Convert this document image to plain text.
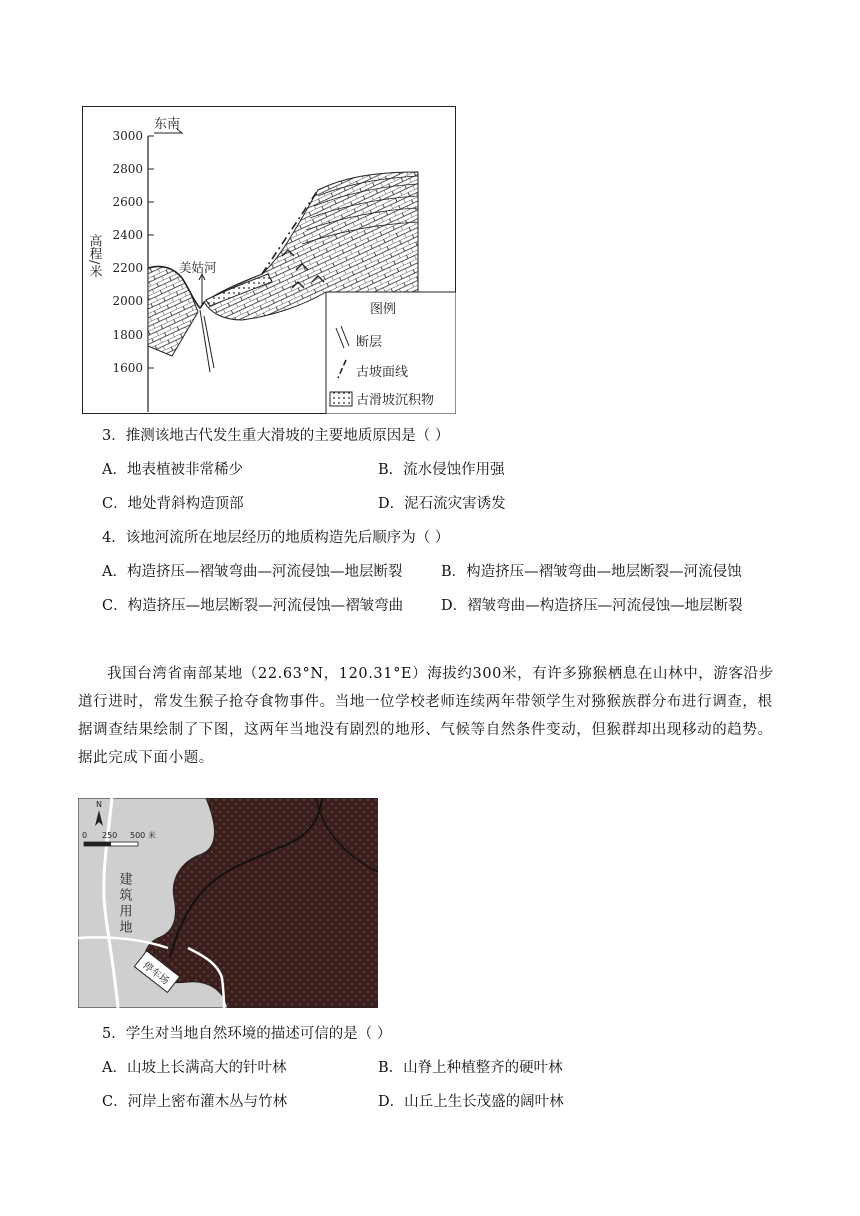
3000
2800
2600
2400
2200
2000
1800
1600
东南
高程/米	美姑河
图例
断层
古坡面线
古滑坡沉积物
3．推测该地古代发生重大滑坡的主要地质原因是（ ）
A．地表植被非常稀少	B．流水侵蚀作用强
C．地处背斜构造顶部	D．泥石流灾害诱发
4．该地河流所在地层经历的地质构造先后顺序为（ ）
A．构造挤压—褶皱弯曲—河流侵蚀—地层断裂	B．构造挤压—褶皱弯曲—地层断裂—河流侵蚀
C．构造挤压—地层断裂—河流侵蚀—褶皱弯曲	D．褶皱弯曲—构造挤压—河流侵蚀—地层断裂
我国台湾省南部某地（22.63°N，120.31°E）海拔约300米，有许多猕猴栖息在山林中，游客沿步道行进时，常发生猴子抢夺食物事件。当地一位学校老师连续两年带领学生对猕猴族群分布进行调查，根据调查结果绘制了下图，这两年当地没有剧烈的地形、气候等自然条件变动，但猴群却出现移动的趋势。据此完成下面小题。
停车场
建筑用地
N
0 250 500 米
5．学生对当地自然环境的描述可信的是（ ）
A．山坡上长满高大的针叶林	B．山脊上种植整齐的硬叶林
C．河岸上密布灌木丛与竹林	D．山丘上生长茂盛的阔叶林
